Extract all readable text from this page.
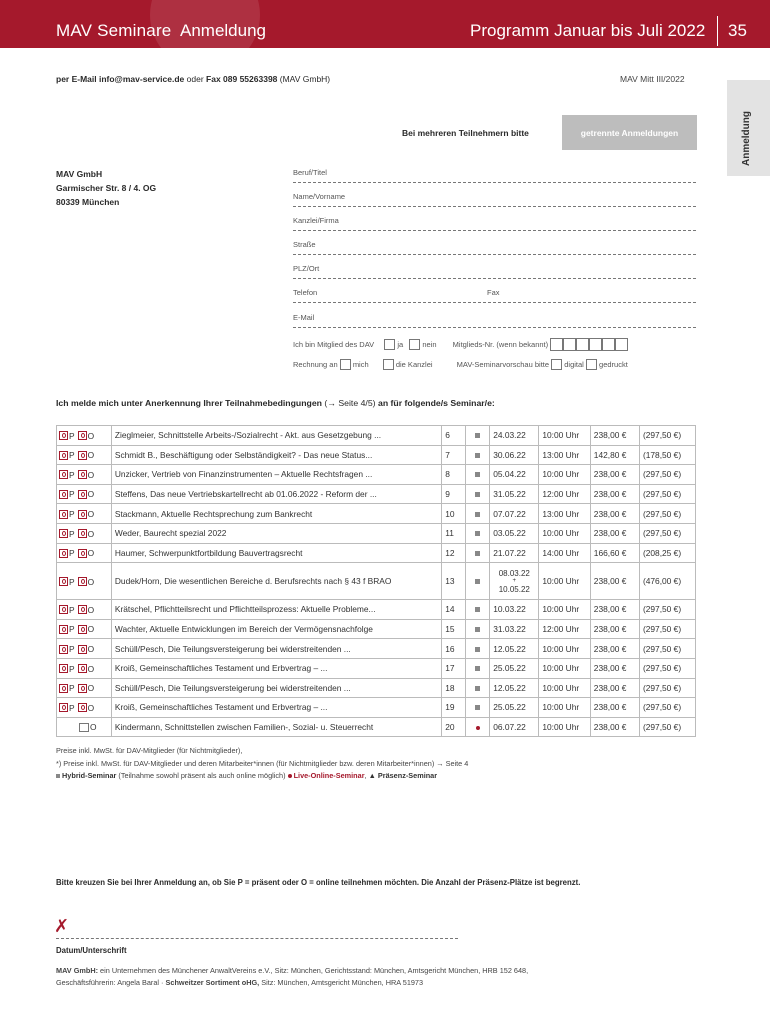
MAV Seminare Anmeldung	Programm Januar bis Juli 2022 35
Anmeldung
per E-Mail info@mav-service.de oder Fax 089 55263398 (MAV GmbH)	MAV Mitt III/2022
Bei mehreren Teilnehmern bitte	getrennte Anmeldungen
MAV GmbH
Garmischer Str. 8 / 4. OG
80339 München
Beruf/Titel
Name/Vorname
Kanzlei/Firma
Straße
PLZ/Ort
Telefon	Fax
E-Mail
Ich bin Mitglied des DAV	ja	nein Mitglieds-Nr. (wenn bekannt)
Rechnung an mich	die Kanzlei	MAV-Seminarvorschau bitte digital gedruckt
Ich melde mich unter Anerkennung Ihrer Teilnahmebedingungen (→ Seite 4/5) an für folgende/s Seminar/e:
P O	Zieglmeier, Schnittstelle Arbeits-/Sozialrecht - Akt. aus Gesetzgebung ...	6		24.03.22	10:00 Uhr	238,00 €	(297,50 €)
P O	Schmidt B., Beschäftigung oder Selbständigkeit? - Das neue Status...	7		30.06.22	13:00 Uhr	142,80 €	(178,50 €)
P O	Unzicker, Vertrieb von Finanzinstrumenten – Aktuelle Rechtsfragen ...	8		05.04.22	10:00 Uhr	238,00 €	(297,50 €)
P O	Steffens, Das neue Vertriebskartellrecht ab 01.06.2022 - Reform der ...	9		31.05.22	12:00 Uhr	238,00 €	(297,50 €)
P O	Stackmann, Aktuelle Rechtsprechung zum Bankrecht	10		07.07.22	13:00 Uhr	238,00 €	(297,50 €)
P O	Weder, Baurecht spezial 2022	11		03.05.22	10:00 Uhr	238,00 €	(297,50 €)
P O	Haumer, Schwerpunktfortbildung Bauvertragsrecht	12		21.07.22	14:00 Uhr	166,60 €	(208,25 €)
P O	Dudek/Horn, Die wesentlichen Bereiche d. Berufsrechts nach § 43 f BRAO	13		08.03.22
+
10.05.22	10:00 Uhr	238,00 €	(476,00 €)
P O	Krätschel, Pflichtteilsrecht und Pflichtteilsprozess: Aktuelle Probleme...	14		10.03.22	10:00 Uhr	238,00 €	(297,50 €)
P O	Wachter, Aktuelle Entwicklungen im Bereich der Vermögensnachfolge	15		31.03.22	12:00 Uhr	238,00 €	(297,50 €)
P O	Schüll/Pesch, Die Teilungsversteigerung bei widerstreitenden ...	16		12.05.22	10:00 Uhr	238,00 €	(297,50 €)
P O	Kroiß, Gemeinschaftliches Testament und Erbvertrag – ...	17		25.05.22	10:00 Uhr	238,00 €	(297,50 €)
P O	Schüll/Pesch, Die Teilungsversteigerung bei widerstreitenden ...	18		12.05.22	10:00 Uhr	238,00 €	(297,50 €)
P O	Kroiß, Gemeinschaftliches Testament und Erbvertrag – ...	19		25.05.22	10:00 Uhr	238,00 €	(297,50 €)
O	Kindermann, Schnittstellen zwischen Familien-, Sozial- u. Steuerrecht	20		06.07.22	10:00 Uhr	238,00 €	(297,50 €)
Preise inkl. MwSt. für DAV-Mitglieder (für Nichtmitglieder),
*) Preise inkl. MwSt. für DAV-Mitglieder und deren Mitarbeiter*innen (für Nichtmitglieder bzw. deren Mitarbeiter*innen) → Seite 4
Hybrid-Seminar (Teilnahme sowohl präsent als auch online möglich)  Live-Online-Seminar, ▲ Präsenz-Seminar
Bitte kreuzen Sie bei Ihrer Anmeldung an, ob Sie P = präsent oder O = online teilnehmen möchten. Die Anzahl der Präsenz-Plätze ist begrenzt.
✗
Datum/Unterschrift
MAV GmbH: ein Unternehmen des Münchener AnwaltVereins e.V., Sitz: München, Gerichtsstand: München, Amtsgericht München, HRB 152 648,
Geschäftsführerin: Angela Baral · Schweitzer Sortiment oHG, Sitz: München, Amtsgericht München, HRA 51973
